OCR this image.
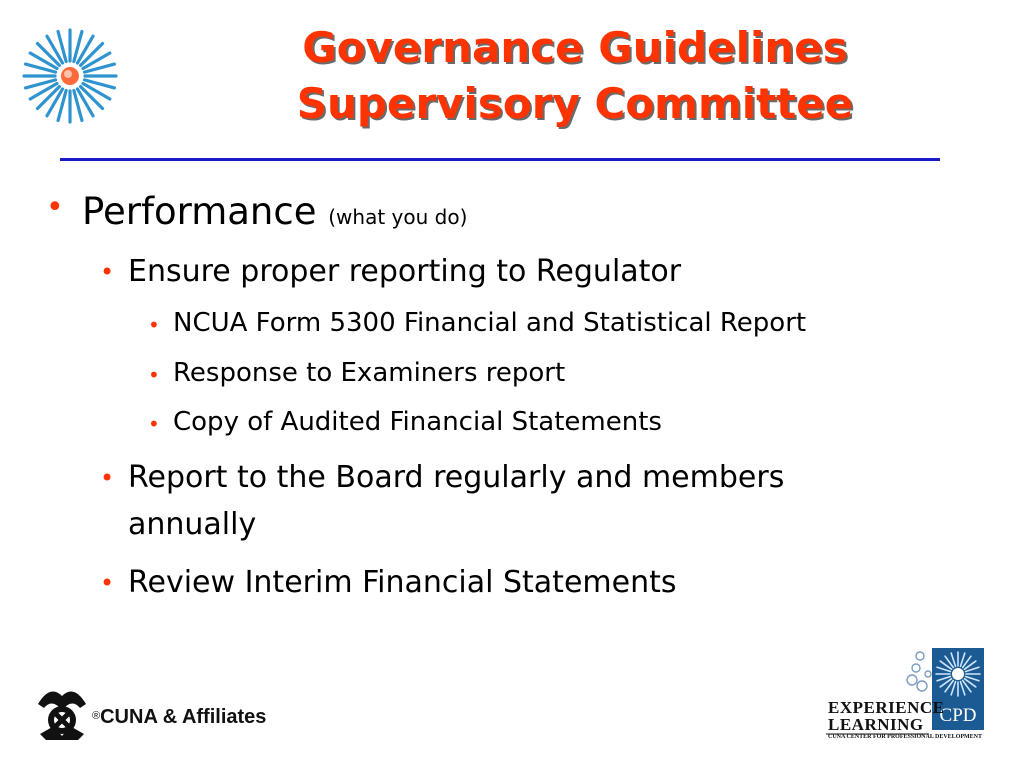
Governance Guidelines
Supervisory Committee
• Performance (what you do)
• Ensure proper reporting to Regulator
• NCUA Form 5300 Financial and Statistical Report
• Response to Examiners report
• Copy of Audited Financial Statements
• Report to the Board regularly and members
annually
• Review Interim Financial Statements
®CUNA & Affiliates	CPD
EXPERIENCE
LEARNING
CUNA CENTER FOR PROFESSIONAL DEVELOPMENT
